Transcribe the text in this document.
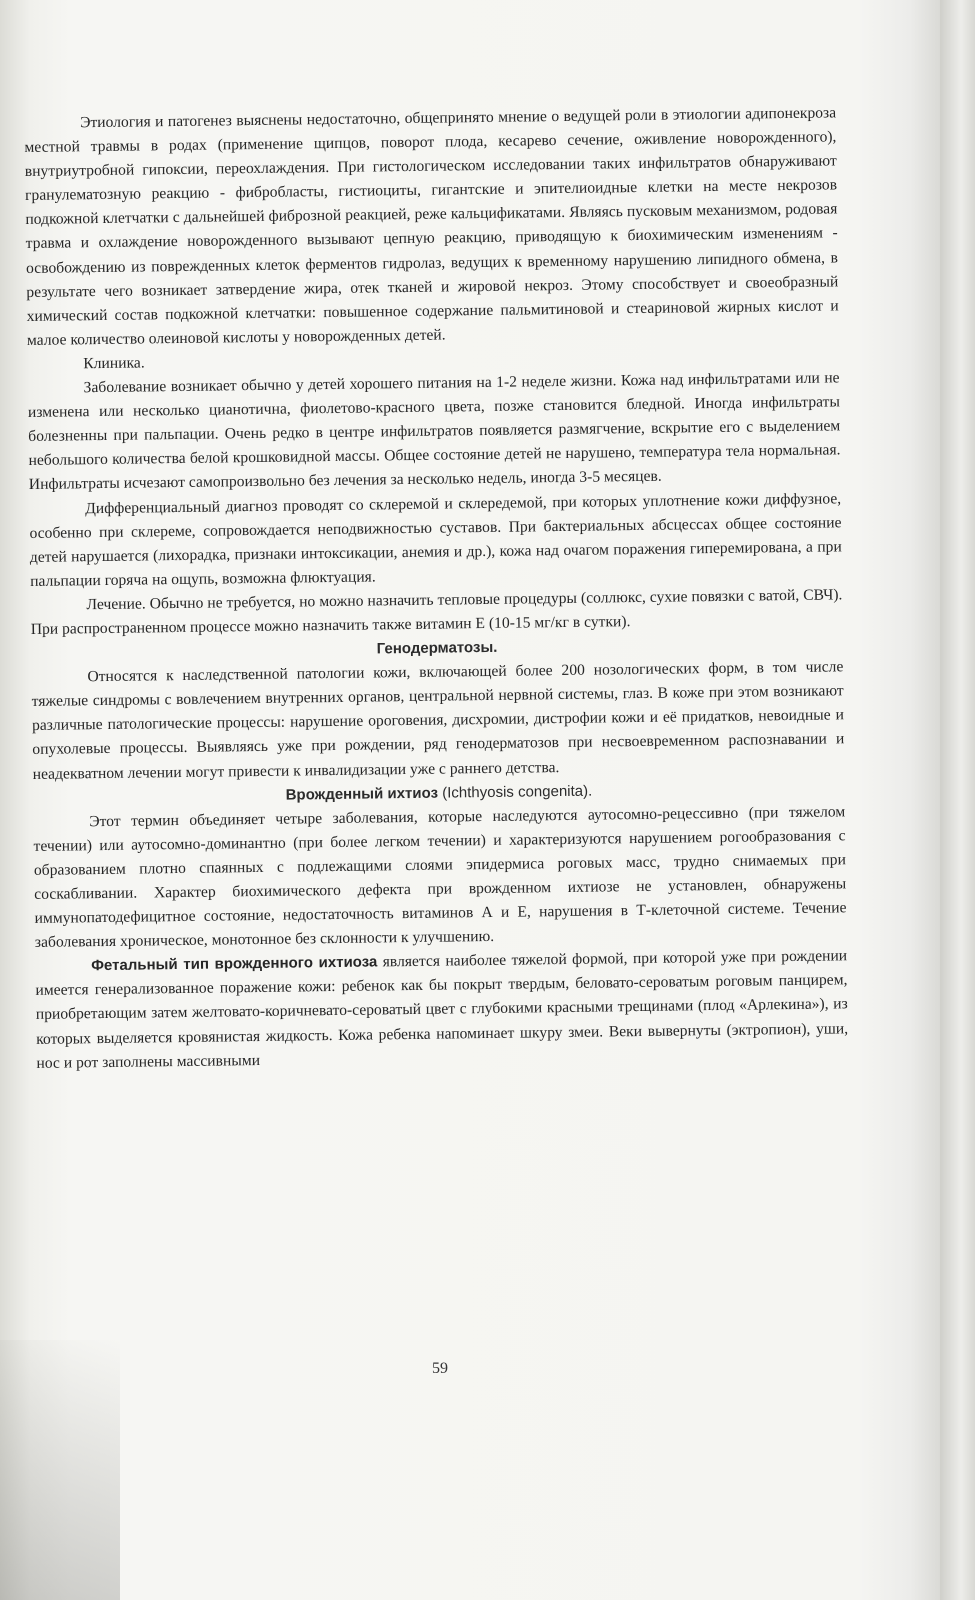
Этиология и патогенез выяснены недостаточно, общепринято мнение о ведущей роли в этиологии адипонекроза местной травмы в родах (применение щипцов, поворот плода, кесарево сечение, оживление новорожденного), внутриутробной гипоксии, переохлаждения. При гистологическом исследовании таких инфильтратов обнаруживают гранулематозную реакцию - фибробласты, гистиоциты, гигантские и эпителиоидные клетки на месте некрозов подкожной клетчатки с дальнейшей фиброзной реакцией, реже кальцификатами. Являясь пусковым механизмом, родовая травма и охлаждение новорожденного вызывают цепную реакцию, приводящую к биохимическим изменениям - освобождению из поврежденных клеток ферментов гидролаз, ведущих к временному нарушению липидного обмена, в результате чего возникает затвердение жира, отек тканей и жировой некроз. Этому способствует и своеобразный химический состав подкожной клетчатки: повышенное содержание пальмитиновой и стеариновой жирных кислот и малое количество олеиновой кислоты у новорожденных детей.

Клиника.

Заболевание возникает обычно у детей хорошего питания на 1-2 неделе жизни. Кожа над инфильтратами или не изменена или несколько цианотична, фиолетово-красного цвета, позже становится бледной. Иногда инфильтраты болезненны при пальпации. Очень редко в центре инфильтратов появляется размягчение, вскрытие его с выделением небольшого количества белой крошковидной массы. Общее состояние детей не нарушено, температура тела нормальная. Инфильтраты исчезают самопроизвольно без лечения за несколько недель, иногда 3-5 месяцев.

Дифференциальный диагноз проводят со склеремой и склередемой, при которых уплотнение кожи диффузное, особенно при склереме, сопровождается неподвижностью суставов. При бактериальных абсцессах общее состояние детей нарушается (лихорадка, признаки интоксикации, анемия и др.), кожа над очагом поражения гиперемирована, а при пальпации горяча на ощупь, возможна флюктуация.

Лечение. Обычно не требуется, но можно назначить тепловые процедуры (соллюкс, сухие повязки с ватой, СВЧ). При распространенном процессе можно назначить также витамин Е (10-15 мг/кг в сутки).

Генодерматозы.

Относятся к наследственной патологии кожи, включающей более 200 нозологических форм, в том числе тяжелые синдромы с вовлечением внутренних органов, центральной нервной системы, глаз. В коже при этом возникают различные патологические процессы: нарушение ороговения, дисхромии, дистрофии кожи и её придатков, невоидные и опухолевые процессы. Выявляясь уже при рождении, ряд генодерматозов при несвоевременном распознавании и неадекватном лечении могут привести к инвалидизации уже с раннего детства.

Врожденный ихтиоз (Ichthyosis congenita).

Этот термин объединяет четыре заболевания, которые наследуются аутосомно-рецессивно (при тяжелом течении) или аутосомно-доминантно (при более легком течении) и характеризуются нарушением рогообразования с образованием плотно спаянных с подлежащими слоями эпидермиса роговых масс, трудно снимаемых при соскабливании. Характер биохимического дефекта при врожденном ихтиозе не установлен, обнаружены иммунопатодефицитное состояние, недостаточность витаминов А и Е, нарушения в Т-клеточной системе. Течение заболевания хроническое, монотонное без склонности к улучшению.

Фетальный тип врожденного ихтиоза является наиболее тяжелой формой, при которой уже при рождении имеется генерализованное поражение кожи: ребенок как бы покрыт твердым, беловато-сероватым роговым панцирем, приобретающим затем желтовато-коричневато-сероватый цвет с глубокими красными трещинами (плод «Арлекина»), из которых выделяется кровянистая жидкость. Кожа ребенка напоминает шкуру змеи. Веки вывернуты (эктропион), уши, нос и рот заполнены массивными

59
